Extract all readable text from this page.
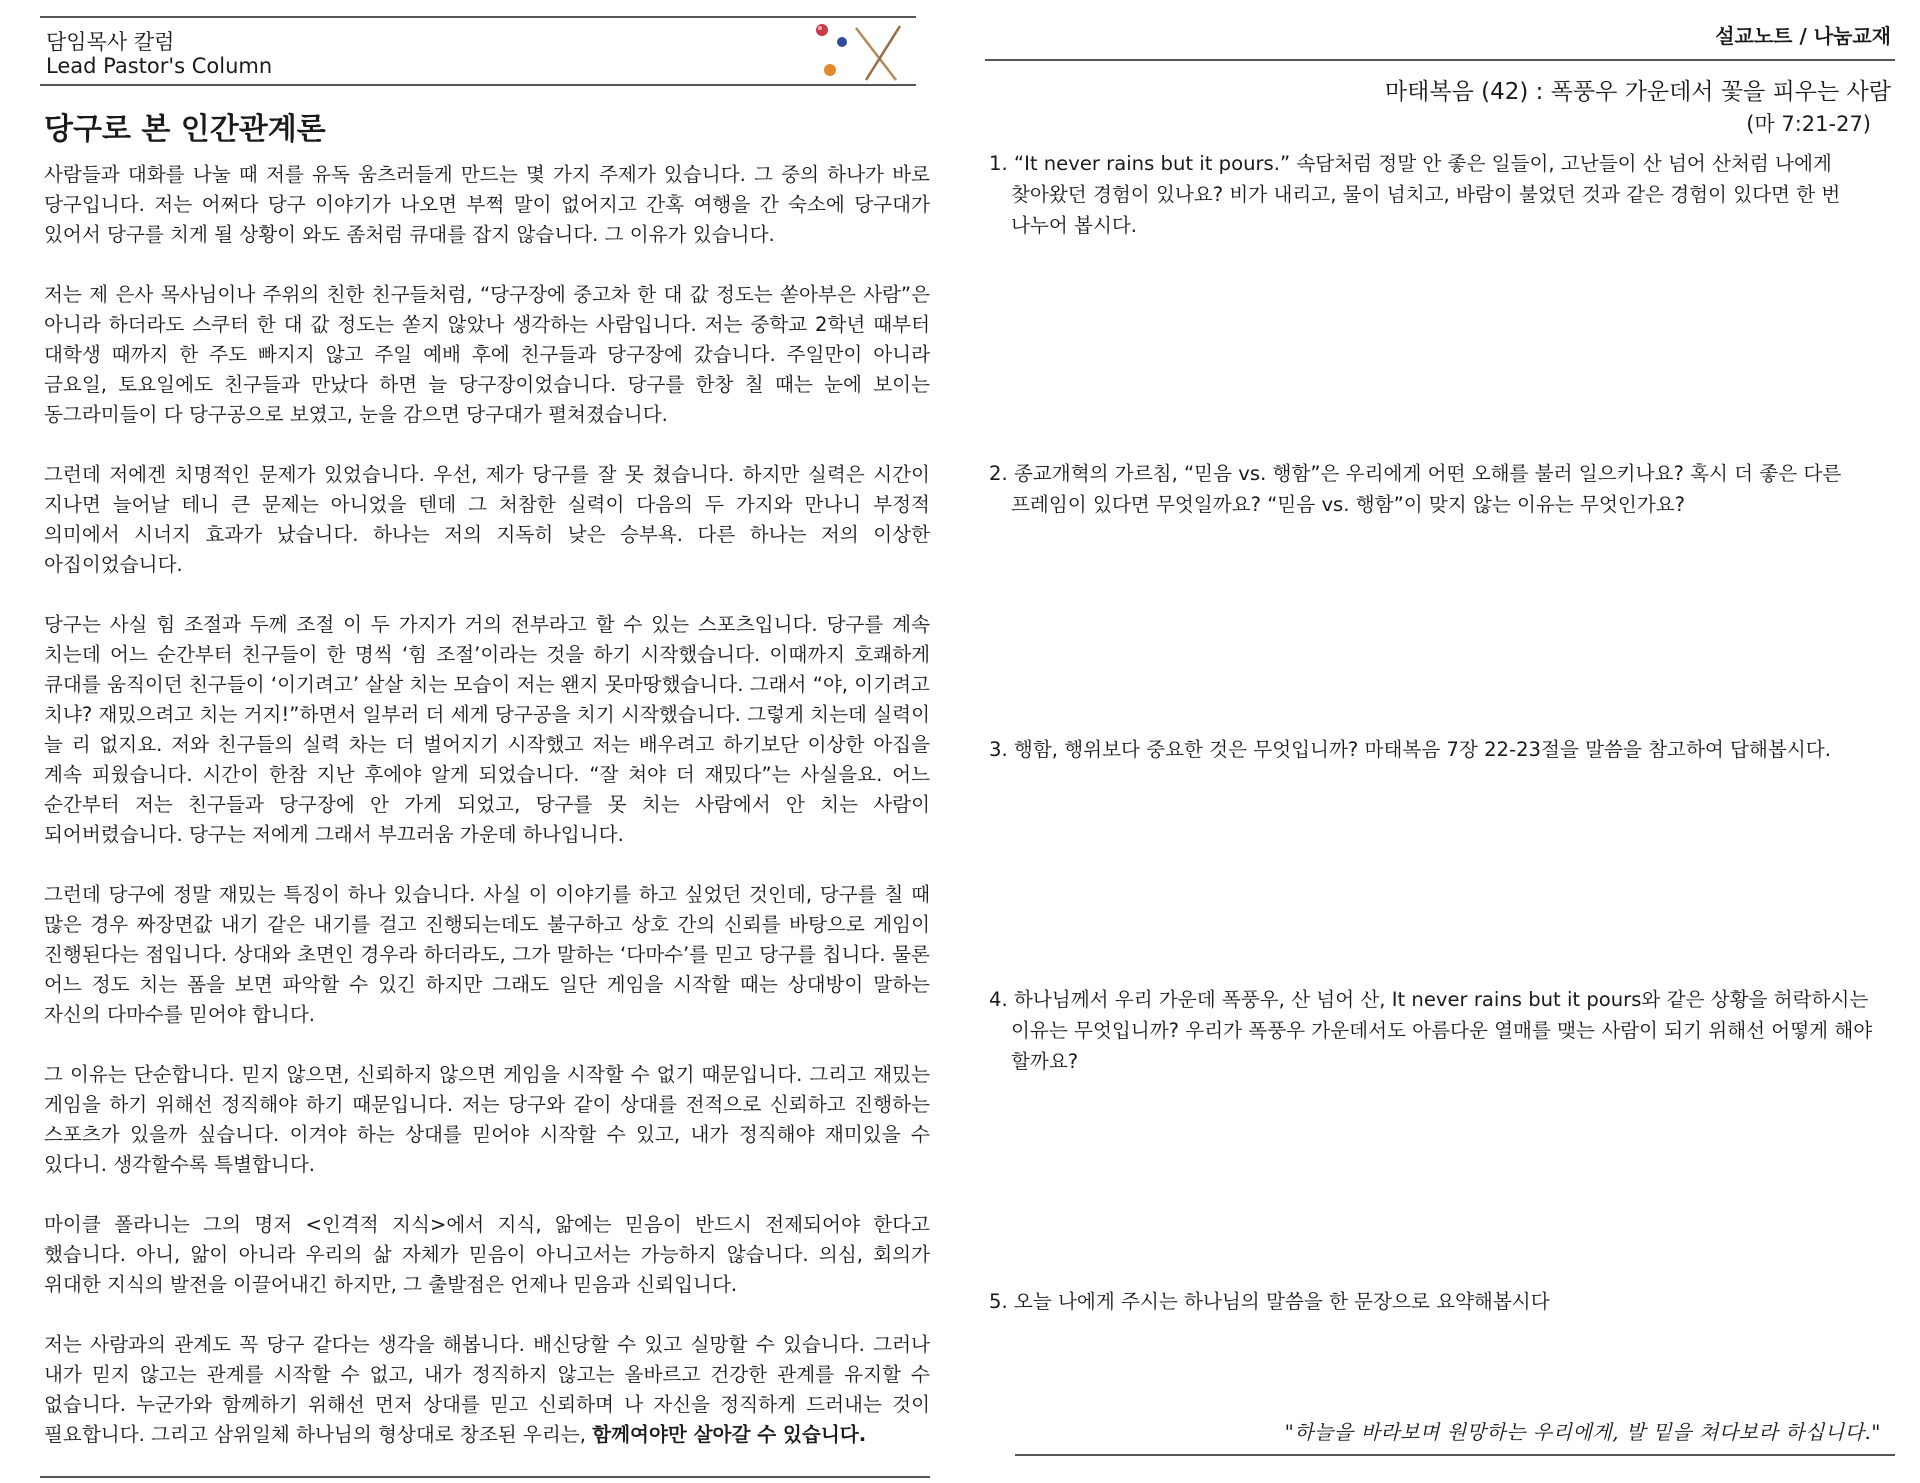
담임목사 칼럼
Lead Pastor's Column
당구로 본 인간관계론

사람들과 대화를 나눌 때 저를 유독 움츠러들게 만드는 몇 가지 주제가 있습니다. 그 중의 하나가 바로 당구입니다. 저는 어쩌다 당구 이야기가 나오면 부쩍 말이 없어지고 간혹 여행을 간 숙소에 당구대가 있어서 당구를 치게 될 상황이 와도 좀처럼 큐대를 잡지 않습니다. 그 이유가 있습니다.

저는 제 은사 목사님이나 주위의 친한 친구들처럼, “당구장에 중고차 한 대 값 정도는 쏟아부은 사람”은 아니라 하더라도 스쿠터 한 대 값 정도는 쏟지 않았나 생각하는 사람입니다. 저는 중학교 2학년 때부터 대학생 때까지 한 주도 빠지지 않고 주일 예배 후에 친구들과 당구장에 갔습니다. 주일만이 아니라 금요일, 토요일에도 친구들과 만났다 하면 늘 당구장이었습니다. 당구를 한창 칠 때는 눈에 보이는 동그라미들이 다 당구공으로 보였고, 눈을 감으면 당구대가 펼쳐졌습니다.

그런데 저에겐 치명적인 문제가 있었습니다. 우선, 제가 당구를 잘 못 쳤습니다. 하지만 실력은 시간이 지나면 늘어날 테니 큰 문제는 아니었을 텐데 그 처참한 실력이 다음의 두 가지와 만나니 부정적 의미에서 시너지 효과가 났습니다. 하나는 저의 지독히 낮은 승부욕. 다른 하나는 저의 이상한 아집이었습니다.

당구는 사실 힘 조절과 두께 조절 이 두 가지가 거의 전부라고 할 수 있는 스포츠입니다. 당구를 계속 치는데 어느 순간부터 친구들이 한 명씩 ‘힘 조절’이라는 것을 하기 시작했습니다. 이때까지 호쾌하게 큐대를 움직이던 친구들이 ‘이기려고’ 살살 치는 모습이 저는 왠지 못마땅했습니다. 그래서 “야, 이기려고 치냐? 재밌으려고 치는 거지!”하면서 일부러 더 세게 당구공을 치기 시작했습니다. 그렇게 치는데 실력이 늘 리 없지요. 저와 친구들의 실력 차는 더 벌어지기 시작했고 저는 배우려고 하기보단 이상한 아집을 계속 피웠습니다. 시간이 한참 지난 후에야 알게 되었습니다. “잘 쳐야 더 재밌다”는 사실을요. 어느 순간부터 저는 친구들과 당구장에 안 가게 되었고, 당구를 못 치는 사람에서 안 치는 사람이 되어버렸습니다. 당구는 저에게 그래서 부끄러움 가운데 하나입니다.

그런데 당구에 정말 재밌는 특징이 하나 있습니다. 사실 이 이야기를 하고 싶었던 것인데, 당구를 칠 때 많은 경우 짜장면값 내기 같은 내기를 걸고 진행되는데도 불구하고 상호 간의 신뢰를 바탕으로 게임이 진행된다는 점입니다. 상대와 초면인 경우라 하더라도, 그가 말하는 ‘다마수’를 믿고 당구를 칩니다. 물론 어느 정도 치는 폼을 보면 파악할 수 있긴 하지만 그래도 일단 게임을 시작할 때는 상대방이 말하는 자신의 다마수를 믿어야 합니다.

그 이유는 단순합니다. 믿지 않으면, 신뢰하지 않으면 게임을 시작할 수 없기 때문입니다. 그리고 재밌는 게임을 하기 위해선 정직해야 하기 때문입니다. 저는 당구와 같이 상대를 전적으로 신뢰하고 진행하는 스포츠가 있을까 싶습니다. 이겨야 하는 상대를 믿어야 시작할 수 있고, 내가 정직해야 재미있을 수 있다니. 생각할수록 특별합니다.

마이클 폴라니는 그의 명저 <인격적 지식>에서 지식, 앎에는 믿음이 반드시 전제되어야 한다고 했습니다. 아니, 앎이 아니라 우리의 삶 자체가 믿음이 아니고서는 가능하지 않습니다. 의심, 회의가 위대한 지식의 발전을 이끌어내긴 하지만, 그 출발점은 언제나 믿음과 신뢰입니다.

저는 사람과의 관계도 꼭 당구 같다는 생각을 해봅니다. 배신당할 수 있고 실망할 수 있습니다. 그러나 내가 믿지 않고는 관계를 시작할 수 없고, 내가 정직하지 않고는 올바르고 건강한 관계를 유지할 수 없습니다. 누군가와 함께하기 위해선 먼저 상대를 믿고 신뢰하며 나 자신을 정직하게 드러내는 것이 필요합니다. 그리고 삼위일체 하나님의 형상대로 창조된 우리는, 함께여야만 살아갈 수 있습니다.

설교노트 / 나눔교재
마태복음 (42) : 폭풍우 가운데서 꽃을 피우는 사람
(마 7:21-27)
1. “It never rains but it pours.” 속담처럼 정말 안 좋은 일들이, 고난들이 산 넘어 산처럼 나에게 찾아왔던 경험이 있나요? 비가 내리고, 물이 넘치고, 바람이 불었던 것과 같은 경험이 있다면 한 번 나누어 봅시다.
2. 종교개혁의 가르침, “믿음 vs. 행함”은 우리에게 어떤 오해를 불러 일으키나요? 혹시 더 좋은 다른 프레임이 있다면 무엇일까요? “믿음 vs. 행함”이 맞지 않는 이유는 무엇인가요?
3. 행함, 행위보다 중요한 것은 무엇입니까? 마태복음 7장 22-23절을 말씀을 참고하여 답해봅시다.
4. 하나님께서 우리 가운데 폭풍우, 산 넘어 산, It never rains but it pours와 같은 상황을 허락하시는 이유는 무엇입니까? 우리가 폭풍우 가운데서도 아름다운 열매를 맺는 사람이 되기 위해선 어떻게 해야 할까요?
5. 오늘 나에게 주시는 하나님의 말씀을 한 문장으로 요약해봅시다
"하늘을 바라보며 원망하는 우리에게, 발 밑을 쳐다보라 하십니다."
